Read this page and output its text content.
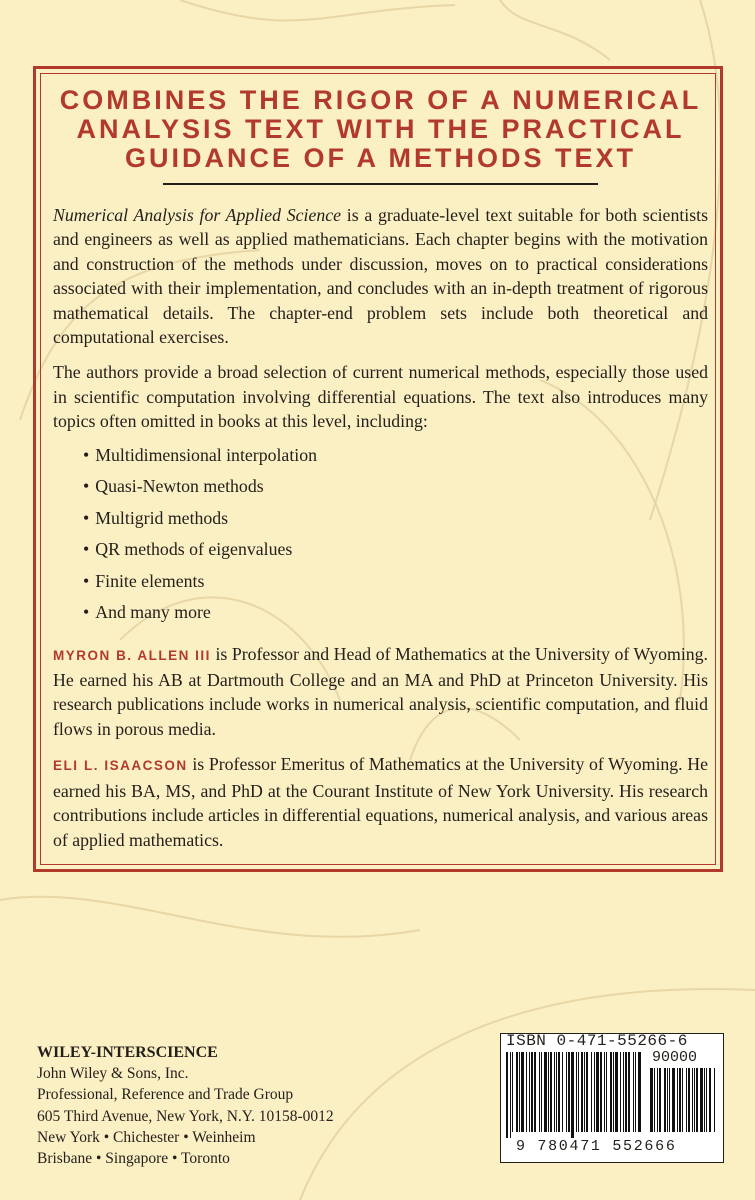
COMBINES THE RIGOR OF A NUMERICAL
ANALYSIS TEXT WITH THE PRACTICAL
GUIDANCE OF A METHODS TEXT

Numerical Analysis for Applied Science is a graduate-level text suitable for both scientists and engineers as well as applied mathematicians. Each chapter begins with the motivation and construction of the methods under discussion, moves on to practical considerations associated with their implementation, and concludes with an in-depth treatment of rigorous mathematical details. The chapter-end problem sets include both theoretical and computational exercises.

The authors provide a broad selection of current numerical methods, especially those used in scientific computation involving differential equations. The text also introduces many topics often omitted in books at this level, including:

• Multidimensional interpolation
• Quasi-Newton methods
• Multigrid methods
• QR methods of eigenvalues
• Finite elements
• And many more

MYRON B. ALLEN III is Professor and Head of Mathematics at the University of Wyoming. He earned his AB at Dartmouth College and an MA and PhD at Princeton University. His research publications include works in numerical analysis, scientific computation, and fluid flows in porous media.

ELI L. ISAACSON is Professor Emeritus of Mathematics at the University of Wyoming. He earned his BA, MS, and PhD at the Courant Institute of New York University. His research contributions include articles in differential equations, numerical analysis, and various areas of applied mathematics.

WILEY-INTERSCIENCE
John Wiley & Sons, Inc.
Professional, Reference and Trade Group
605 Third Avenue, New York, N.Y. 10158-0012
New York • Chichester • Weinheim
Brisbane • Singapore • Toronto
ISBN 0-471-55266-6
90000
9 780471 552666
